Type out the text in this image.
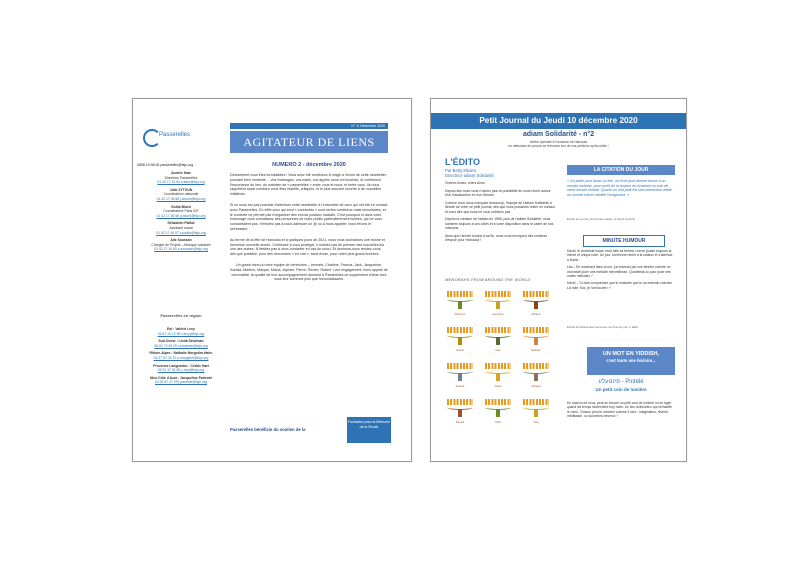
Passerelles
0806.19.95.00 passerelles@fsju.org
Audrée Katz
Directrice Passerelles
01 42 17 10 64 a.katz@fsju.org
Julie ZYTOUN
Coordinatrice nationale
01 42 17 46 68 j.zitoun@fsju.org
Golda Bloch
Coordinatrice Paris IDF
01 42 17 46 66 g.bloch@fsju.org
Sébastien Paillot
Assistant social
01 42 17 46 57 s.paillot@fsju.org
Alix Soussan
Chargée de Projets - Abonque solidaire
01 42 17 10 60 a.soussan@fsju.org
Passerelles en région
Est : Valérie Levy
03 67 10 12 55 v.levy@fsju.org
Sud-Ouest : Linda Sztulman
05 62 73 45 25 l.sztulman@fsju.org
Rhône-Alpes : Nathalie Morgstim-Hahn
04 37 57 05 70 n.morgstim@fsju.org
Provence Languedoc : Cedric Hart
04 91 37 91 85 c.hart@fsju.org
Nice-Côte d'Azur : Jacqueline Parienté
04 93 87 47 09 j.pariente@fsju.org
N° 1/ Décembre 2020
AGITATEUR DE LIENS
NUMERO 2 - décembre 2020

Décidément vous êtes formidables ! Vous avez été nombreux à réagir à l'envoi de cette newsletter, pourtant bien modeste… Vos messages, vos mails, vos appels nous ont touchés, et confirment l'importance du lien, du maintien de « passerelles » entre vous et nous, et entre vous. Ils nous rappellent aussi combien vous êtes réactifs, critiques, et le plus souvent ouverts à de nouvelles initiatives.

Si ce nous est pas possible d'adresser cette newsletter à l'ensemble de ceux qui ont été en contact avec Passerelles. En effet ceux qui sont « connectés » sont certes nombreux mais minoritaires, et le contexte ne permet pas d'organiser des envois postaux massifs. C'est pourquoi si dans votre entourage vous connaissez des personnes de notre public particulièrement isolées, qui ne vous connaîtraient pas, n'hésitez pas à nous adresser un @ ou à nous appeler, nous ferons le nécessaire.

Au terme de la fête de Hanouka et à quelques jours de 2021, nous vous souhaitons une bonne et heureuse nouvelle année. Continuez à vous protéger, n'oubliez pas de prendre des nouvelles les uns des autres. N'hésitez pas à nous contacter en cas de souci. Et donnons-nous rendez-vous, dès que possible, pour des rencontres « en vrai », sans écran, pour notre plus grand bonheur.

Un grand merci à notre équipe de bénévoles – bernard, Charline, Francis, Jack, Jacqueline, Kamila, Martine, Maryse, Micha, Myriam, Pierre, Renée, Robert. Leur engagement, leurs appels de convivialité, la qualité de leur accompagnement donnent à Passerelles ce supplément d'âme dont nous leur sommes plus que reconnaissants.

Passerelles bénéficie du soutien de la
Fondation pour la Mémoire de la Shoah
Petit Journal du Jeudi 10 décembre 2020
adiam Solidarité - n°2
édition spéciale à l'occasion de Hanouka
en attendant de pouvoir se retrouver lors de nos précieux après-midis !
L'ÉDITO
Par Betty Elkaim,
Directrice adiam Solidarité.

Chères Amies, chers Amis,

Depuis des mois nous n'avons plus la possibilité de nous réunir autour d'un Kasakuchen et d'un Strudel.

Comme vous nous manquez beaucoup, l'équipe de l'adiam Solidarité a décidé de créer ce petit journal, afin que nous puissions rester en contact et vous dire que nous ne vous oublions pas.

Depuis la création de l'adiam en 1966, puis de l'adiam Solidarité, nous sommes toujours à vos côtés et à votre disposition dans le cadre de nos missions.

Alors que l'année touche à sa fin, nous vous envoyons des lumières d'espoir pour Hanouka !

MENORAHS FROM AROUND THE WORLD
Morocco	Germany	Poland
Yemen	Italy	Netherl.
Austria	Israel	Ukraine
Russia	USA	Iraq
LA CITATION DU JOUR
« On parle pour tisser un lien, on écrit pour donner forme à un monde invisible, pour sortir de la torpeur en éclairant un coin de notre monde mental. Quand un mot petit est une interaction réelle, un monde intime modifie l'imaginaire. »
Extrait de La nuit, j'écrirai des soleils, de Boris Cyrulnik
MINUTE HUMOUR

David, le violoniste russe, rend folle sa femme Léa en jouant toujours la même et unique note. Un jour, sa femme rentre à la maison et s'adresse à David :

Léa – En marchant dans la rue, j'ai entendu par une fenêtre ouverte un violoniste jouer une mélodie merveilleuse. Qu'attends-tu pour jouer des vraies mélodies ?

David – Tu dois comprendre que le musicien que tu as entendu cherche LA note. Moi, je l'ai trouvée ! »

Extrait de Dictionnaire amoureux de l'humour juif, A. Elkin.
UN MOT EN YIDDISH,
c'est toute une histoire...
פינטעלע - Pintélé
Un petit coin de lumière
En chacun de nous, peut se trouver un petit coin de lumière où se loger quand les temps deviennent trop noirs. Un lieu chaleureux qui réchauffe le cœur. Chacun peut le nommer comme il veut : imagination, rêverie, méditation, ou souvenirs heureux ?
